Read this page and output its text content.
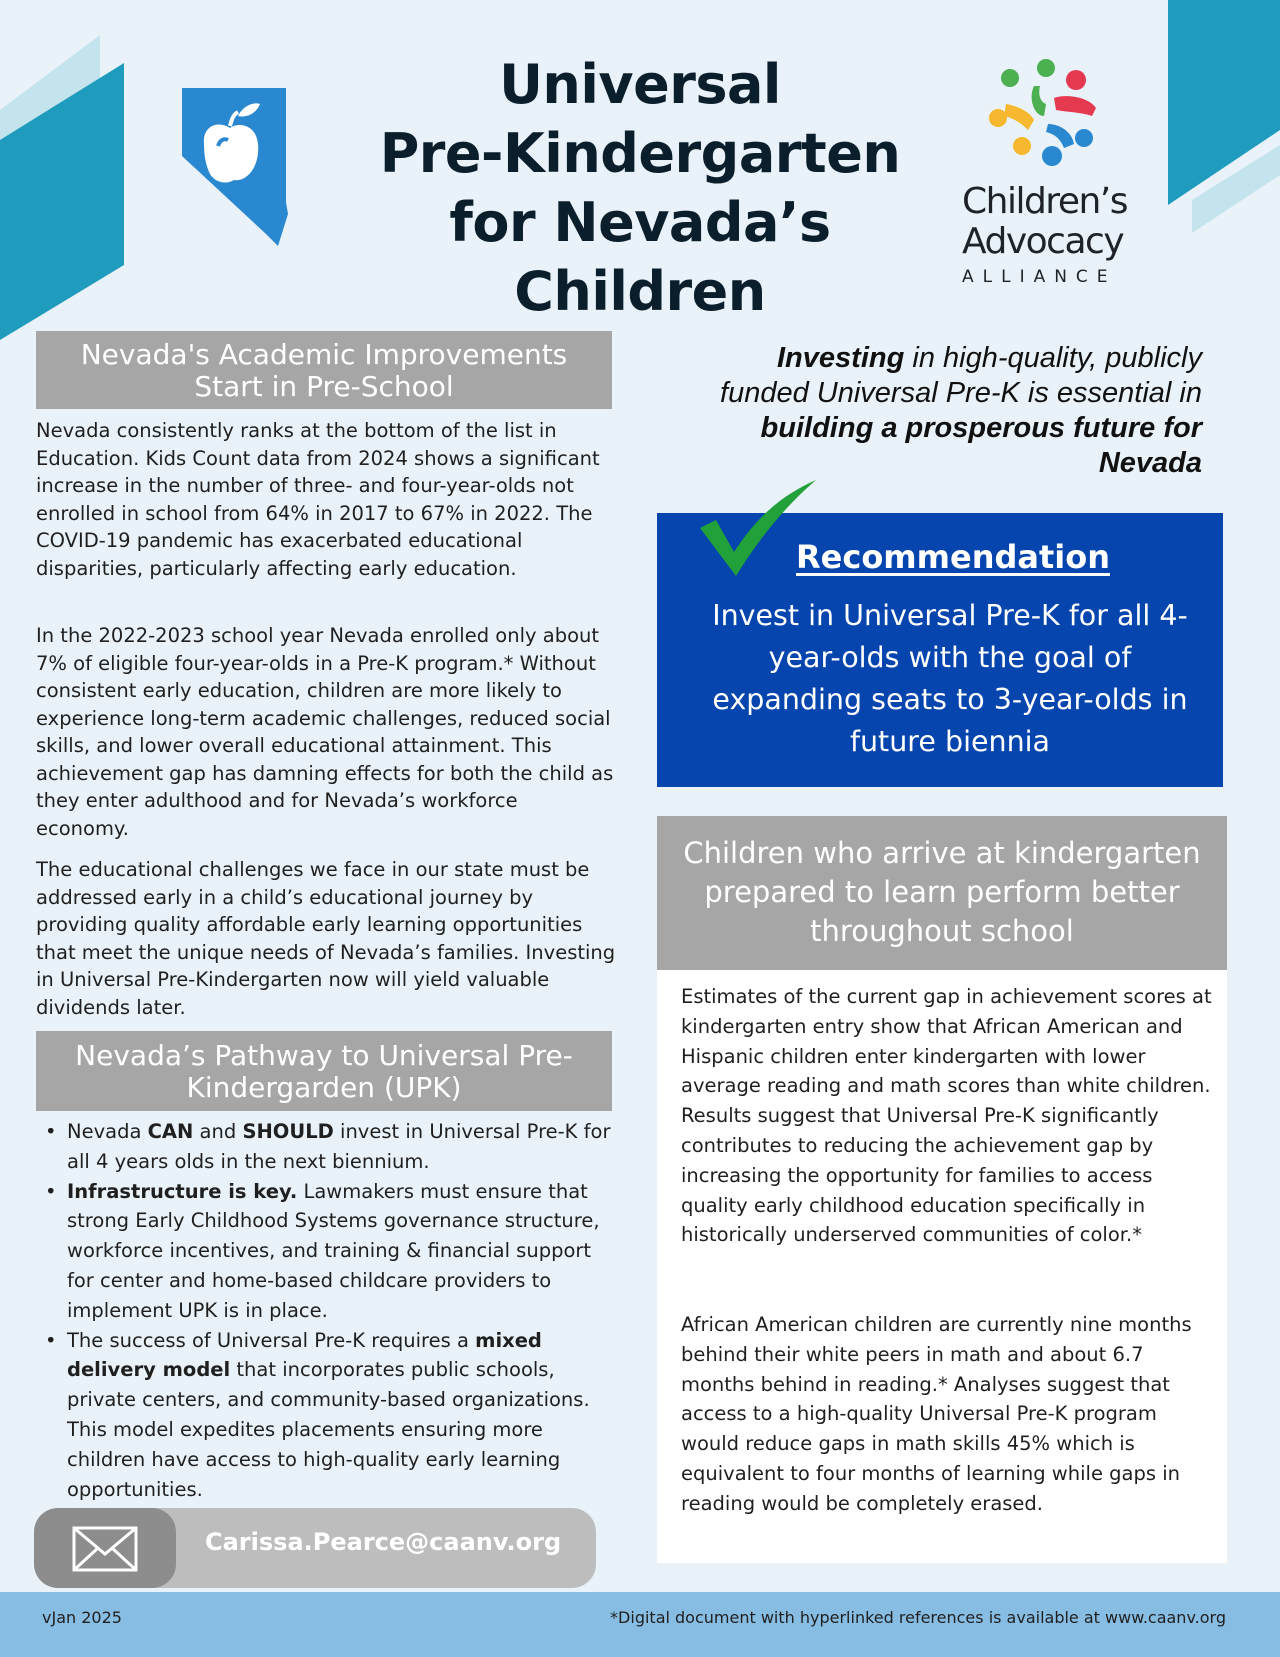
Universal
Pre-Kindergarten
for Nevada’s
Children
Children’s
Advocacy
ALLIANCE
Nevada's Academic Improvements
Start in Pre-School
Nevada consistently ranks at the bottom of the list in Education. Kids Count data from 2024 shows a significant increase in the number of three- and four-year-olds not enrolled in school from 64% in 2017 to 67% in 2022. The COVID-19 pandemic has exacerbated educational disparities, particularly affecting early education.
In the 2022-2023 school year Nevada enrolled only about 7% of eligible four-year-olds in a Pre-K program.* Without consistent early education, children are more likely to experience long-term academic challenges, reduced social skills, and lower overall educational attainment. This achievement gap has damning effects for both the child as they enter adulthood and for Nevada’s workforce economy.
The educational challenges we face in our state must be addressed early in a child’s educational journey by providing quality affordable early learning opportunities that meet the unique needs of Nevada’s families. Investing in Universal Pre-Kindergarten now will yield valuable dividends later.
Nevada’s Pathway to Universal Pre-
Kindergarden (UPK)
• Nevada CAN and SHOULD invest in Universal Pre-K for all 4 years olds in the next biennium.
• Infrastructure is key. Lawmakers must ensure that strong Early Childhood Systems governance structure, workforce incentives, and training & financial support for center and home-based childcare providers to implement UPK is in place.
• The success of Universal Pre-K requires a mixed delivery model that incorporates public schools, private centers, and community-based organizations. This model expedites placements ensuring more children have access to high-quality early learning opportunities.
Carissa.Pearce@caanv.org
Investing in high-quality, publicly funded Universal Pre-K is essential in building a prosperous future for Nevada
Recommendation
Invest in Universal Pre-K for all 4-year-olds with the goal of expanding seats to 3-year-olds in future biennia
Children who arrive at kindergarten
prepared to learn perform better
throughout school
Estimates of the current gap in achievement scores at kindergarten entry show that African American and Hispanic children enter kindergarten with lower average reading and math scores than white children. Results suggest that Universal Pre-K significantly contributes to reducing the achievement gap by increasing the opportunity for families to access quality early childhood education specifically in historically underserved communities of color.*
African American children are currently nine months behind their white peers in math and about 6.7 months behind in reading.* Analyses suggest that access to a high-quality Universal Pre-K program would reduce gaps in math skills 45% which is equivalent to four months of learning while gaps in reading would be completely erased.
vJan 2025	*Digital document with hyperlinked references is available at www.caanv.org
